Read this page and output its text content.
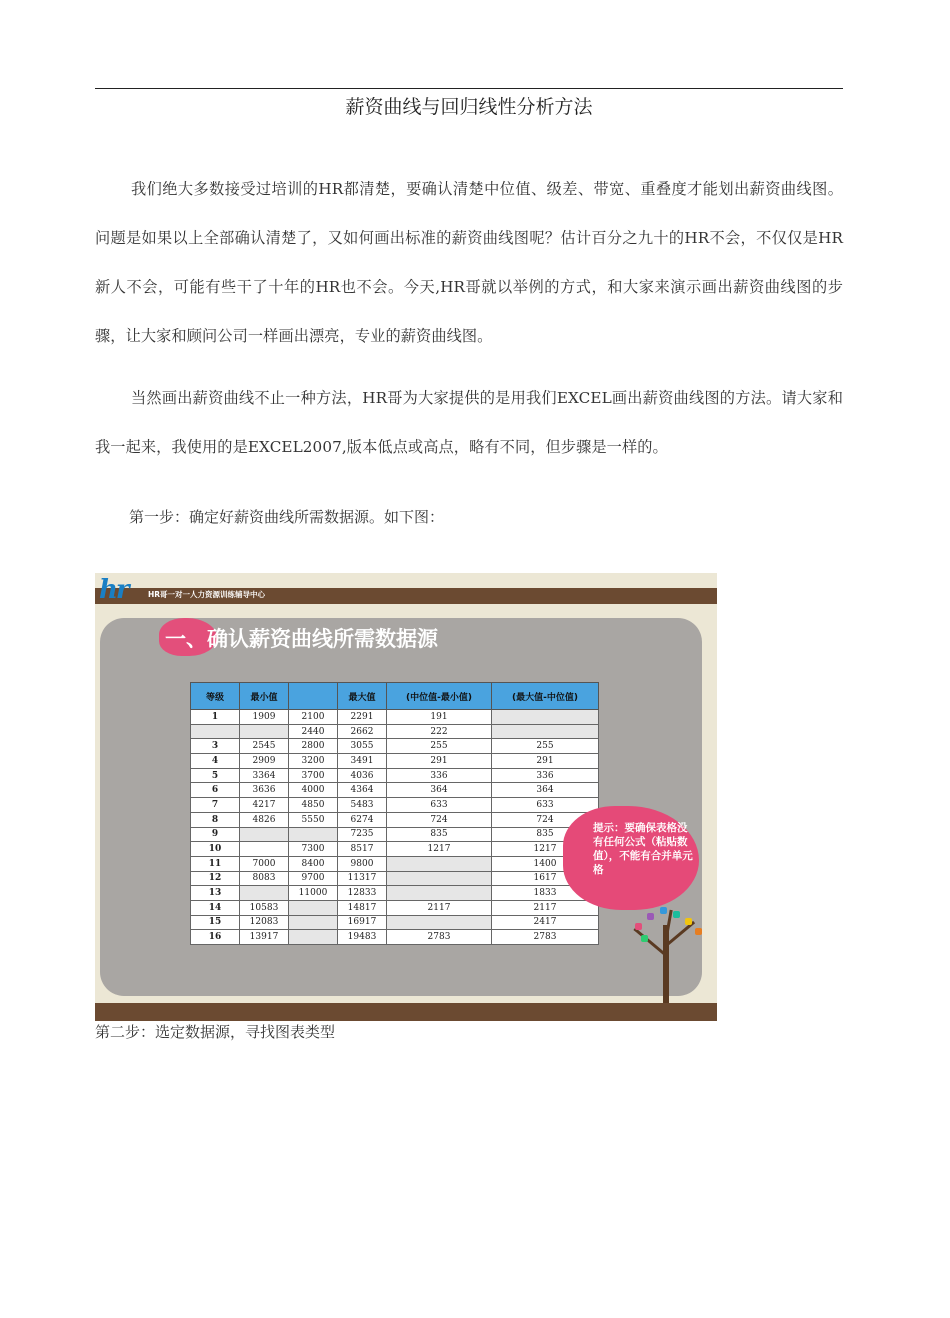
薪资曲线与回归线性分析方法
我们绝大多数接受过培训的HR都清楚，要确认清楚中位值、级差、带宽、重叠度才能划出薪资曲线图。问题是如果以上全部确认清楚了，又如何画出标准的薪资曲线图呢？估计百分之九十的HR不会，不仅仅是HR新人不会，可能有些干了十年的HR也不会。今天,HR哥就以举例的方式，和大家来演示画出薪资曲线图的步骤，让大家和顾问公司一样画出漂亮，专业的薪资曲线图。
当然画出薪资曲线不止一种方法，HR哥为大家提供的是用我们EXCEL画出薪资曲线图的方法。请大家和我一起来，我使用的是EXCEL2007,版本低点或高点，略有不同，但步骤是一样的。
第一步：确定好薪资曲线所需数据源。如下图：
hr	HR哥一对一人力资源训练辅导中心
一、确认薪资曲线所需数据源
等级	最小值		最大值	(中位值-最小值)	(最大值-中位值)
1	1909	2100	2291	191	
		2440	2662	222	
3	2545	2800	3055	255	255
4	2909	3200	3491	291	291
5	3364	3700	4036	336	336
6	3636	4000	4364	364	364
7	4217	4850	5483	633	633
8	4826	5550	6274	724	724
9			7235	835	835
10		7300	8517	1217	1217
11	7000	8400	9800		1400
12	8083	9700	11317		1617
13		11000	12833		1833
14	10583		14817	2117	2117
15	12083		16917		2417
16	13917		19483	2783	2783
提示：要确保表格没有任何公式（粘贴数值），不能有合并单元格
第二步：选定数据源，寻找图表类型
